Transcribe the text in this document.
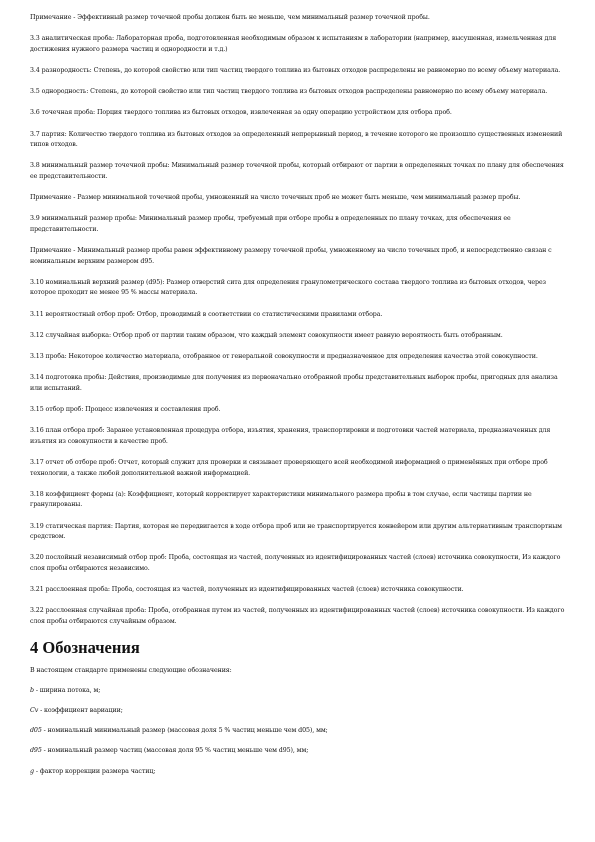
Примечание - Эффективный размер точечной пробы должен быть не меньше, чем минимальный размер точечной пробы.

3.3 аналитическая проба: Лабораторная проба, подготовленная необходимым образом к испытаниям в лаборатории (например, высушенная, измельченная для достижения нужного размера частиц и однородности и т.д.)

3.4 разнородность: Степень, до которой свойство или тип частиц твердого топлива из бытовых отходов распределены не равномерно по всему объему материала.

3.5 однородность: Степень, до которой свойство или тип частиц твердого топлива из бытовых отходов распределены равномерно по всему объему материала.

3.6 точечная проба: Порция твердого топлива из бытовых отходов, извлеченная за одну операцию устройством для отбора проб.

3.7 партия: Количество твердого топлива из бытовых отходов за определенный непрерывный период, в течение которого не произошло существенных изменений типов отходов.

3.8 минимальный размер точечной пробы: Минимальный размер точечной пробы, который отбирают от партии в определенных точках по плану для обеспечения ее представительности.

Примечание - Размер минимальной точечной пробы, умноженный на число точечных проб не может быть меньше, чем минимальный размер пробы.

3.9 минимальный размер пробы: Минимальный размер пробы, требуемый при отборе пробы в определенных по плану точках, для обеспечения ее представительности.

Примечание - Минимальный размер пробы равен эффективному размеру точечной пробы, умноженному на число точечных проб, и непосредственно связан с номинальным верхним размером d95.

3.10 номинальный верхний размер (d95): Размер отверстий сита для определения гранулометрического состава твердого топлива из бытовых отходов, через которое проходит не менее 95 % массы материала.

3.11 вероятностный отбор проб: Отбор, проводимый в соответствии со статистическими правилами отбора.

3.12 случайная выборка: Отбор проб от партии таким образом, что каждый элемент совокупности имеет равную вероятность быть отобранным.

3.13 проба: Некоторое количество материала, отобранное от генеральной совокупности и предназначенное для определения качества этой совокупности.

3.14 подготовка пробы: Действия, производимые для получения из первоначально отобранной пробы представительных выборок пробы, пригодных для анализа или испытаний.

3.15 отбор проб: Процесс извлечения и составления проб.

3.16 план отбора проб: Заранее установленная процедура отбора, изъятия, хранения, транспортировки и подготовки частей материала, предназначенных для изъятия из совокупности в качестве проб.

3.17 отчет об отборе проб: Отчет, который служит для проверки и связывает проверяющего всей необходимой информацией о применённых при отборе проб технологии, а также любой дополнительной важной информацией.

3.18 коэффициент формы (a): Коэффициент, который корректирует характеристики минимального размера пробы в том случае, если частицы партии не гранулированы.

3.19 статическая партия: Партия, которая не передвигается в ходе отбора проб или не транспортируется конвейером или другим альтернативным транспортным средством.

3.20 послойный независимый отбор проб: Проба, состоящая из частей, полученных из идентифицированных частей (слоев) источника совокупности, Из каждого слоя пробы отбираются независимо.

3.21 расслоенная проба: Проба, состоящая из частей, полученных из идентифицированных частей (слоев) источника совокупности.

3.22 расслоенная случайная проба: Проба, отобранная путем из частей, полученных из идентифицированных частей (слоев) источника совокупности. Из каждого слоя пробы отбираются случайным образом.

4 Обозначения

В настоящем стандарте применены следующие обозначения:

b - ширина потока, м;

Cv - коэффициент вариации;

d05 - номинальный минимальный размер (массовая доля 5 % частиц меньше чем d05), мм;

d95 - номинальный размер частиц (массовая доля 95 % частиц меньше чем d95), мм;

g - фактор коррекции размера частиц;
